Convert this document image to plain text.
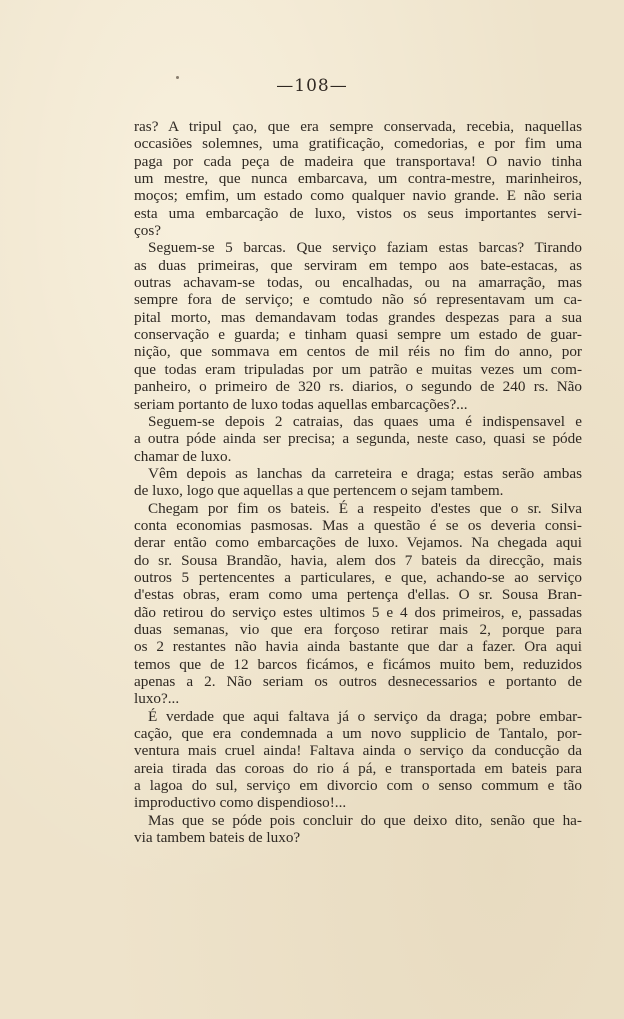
—108—
ras? A tripul çao, que era sempre conservada, recebia, naquellas
occasiões solemnes, uma gratificação, comedorias, e por fim uma
paga por cada peça de madeira que transportava! O navio tinha
um mestre, que nunca embarcava, um contra-mestre, marinheiros,
moços; emfim, um estado como qualquer navio grande. E não seria
esta uma embarcação de luxo, vistos os seus importantes servi-
ços?
Seguem-se 5 barcas. Que serviço faziam estas barcas? Tirando
as duas primeiras, que serviram em tempo aos bate-estacas, as
outras achavam-se todas, ou encalhadas, ou na amarração, mas
sempre fora de serviço; e comtudo não só representavam um ca-
pital morto, mas demandavam todas grandes despezas para a sua
conservação e guarda; e tinham quasi sempre um estado de guar-
nição, que sommava em centos de mil réis no fim do anno, por
que todas eram tripuladas por um patrão e muitas vezes um com-
panheiro, o primeiro de 320 rs. diarios, o segundo de 240 rs. Não
seriam portanto de luxo todas aquellas embarcações?...
Seguem-se depois 2 catraias, das quaes uma é indispensavel e
a outra póde ainda ser precisa; a segunda, neste caso, quasi se póde
chamar de luxo.
Vêm depois as lanchas da carreteira e draga; estas serão ambas
de luxo, logo que aquellas a que pertencem o sejam tambem.
Chegam por fim os bateis. É a respeito d'estes que o sr. Silva
conta economias pasmosas. Mas a questão é se os deveria consi-
derar então como embarcações de luxo. Vejamos. Na chegada aqui
do sr. Sousa Brandão, havia, alem dos 7 bateis da direcção, mais
outros 5 pertencentes a particulares, e que, achando-se ao serviço
d'estas obras, eram como uma pertença d'ellas. O sr. Sousa Bran-
dão retirou do serviço estes ultimos 5 e 4 dos primeiros, e, passadas
duas semanas, vio que era forçoso retirar mais 2, porque para
os 2 restantes não havia ainda bastante que dar a fazer. Ora aqui
temos que de 12 barcos ficámos, e ficámos muito bem, reduzidos
apenas a 2. Não seriam os outros desnecessarios e portanto de
luxo?...
É verdade que aqui faltava já o serviço da draga; pobre embar-
cação, que era condemnada a um novo supplicio de Tantalo, por-
ventura mais cruel ainda! Faltava ainda o serviço da conducção da
areia tirada das coroas do rio á pá, e transportada em bateis para
a lagoa do sul, serviço em divorcio com o senso commum e tão
improductivo como dispendioso!...
Mas que se póde pois concluir do que deixo dito, senão que ha-
via tambem bateis de luxo?
